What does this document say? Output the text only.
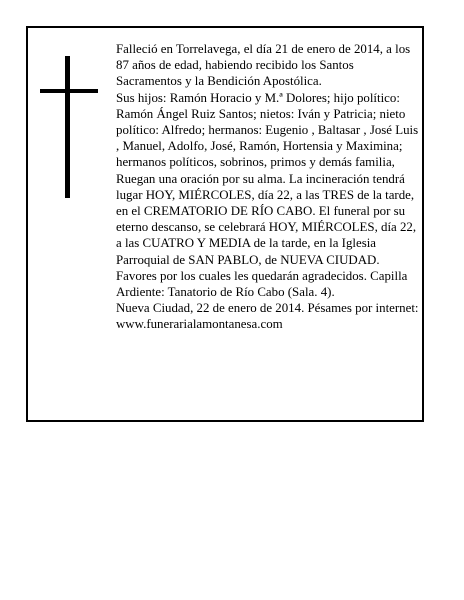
Falleció en Torrelavega, el día 21 de enero de 2014, a los 87 años de edad, habiendo recibido los Santos Sacramentos y la Bendición Apostólica.

Sus hijos: Ramón Horacio y M.ª Dolores; hijo político: Ramón Ángel Ruiz Santos; nietos: Iván y Patricia; nieto político: Alfredo; hermanos: Eugenio , Baltasar , José Luis , Manuel, Adolfo, José, Ramón, Hortensia y Maximina; hermanos políticos, sobrinos, primos y demás familia,

Ruegan una oración por su alma. La incineración tendrá lugar HOY, MIÉRCOLES, día 22, a las TRES de la tarde, en el CREMATORIO DE RÍO CABO. El funeral por su eterno descanso, se celebrará HOY, MIÉRCOLES, día 22, a las CUATRO Y MEDIA de la tarde, en la Iglesia Parroquial de SAN PABLO, de NUEVA CIUDAD. Favores por los cuales les quedarán agradecidos. Capilla Ardiente: Tanatorio de Río Cabo (Sala. 4).

Nueva Ciudad, 22 de enero de 2014. Pésames por internet: www.funerarialamontanesa.com
